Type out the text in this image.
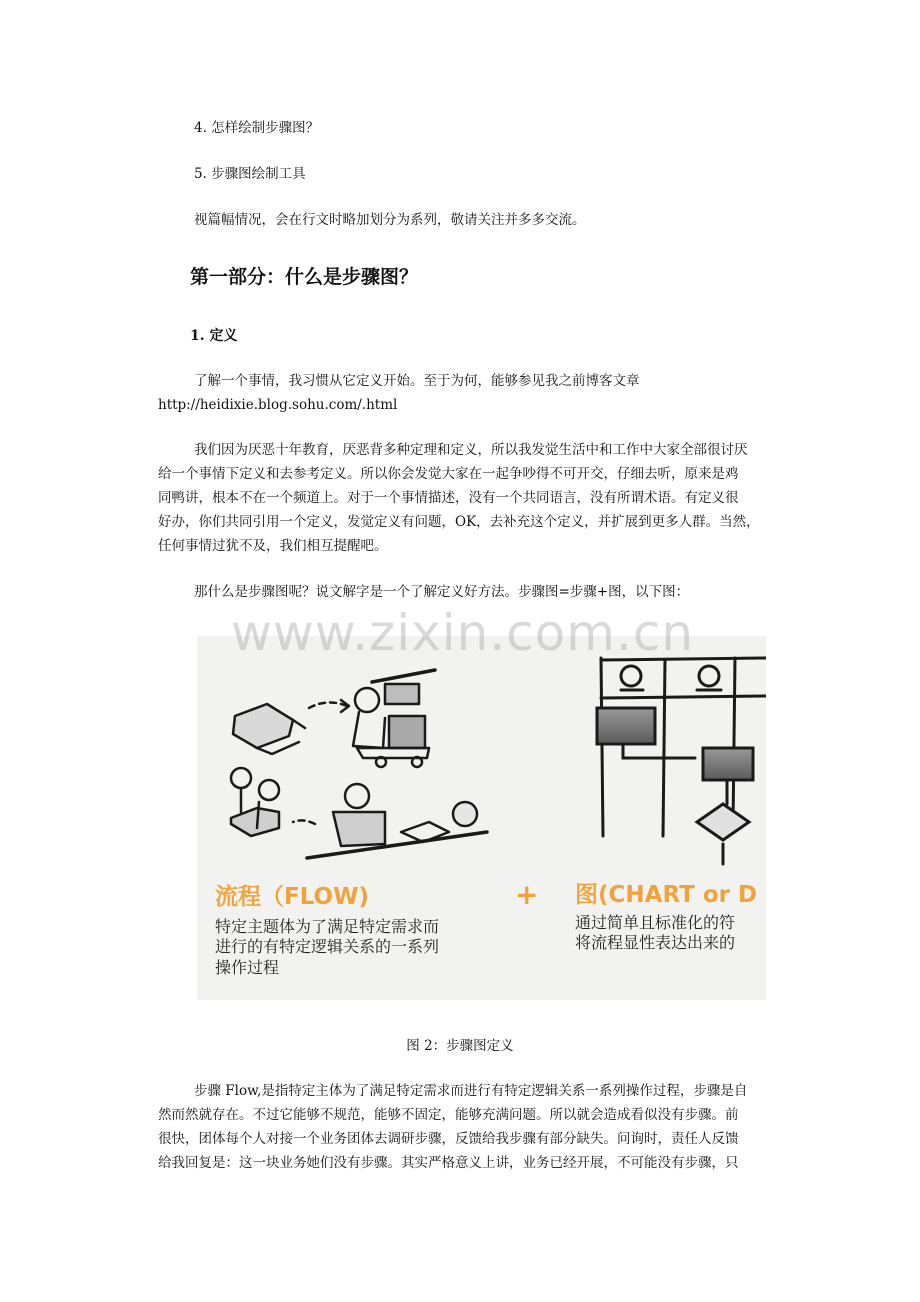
4. 怎样绘制步骤图？
5. 步骤图绘制工具
视篇幅情况，会在行文时略加划分为系列，敬请关注并多多交流。
第一部分：什么是步骤图？
1. 定义
了解一个事情，我习惯从它定义开始。至于为何，能够参见我之前博客文章
http://heidixie.blog.sohu.com/.html
我们因为厌恶十年教育，厌恶背多种定理和定义，所以我发觉生活中和工作中大家全部很讨厌
给一个事情下定义和去参考定义。所以你会发觉大家在一起争吵得不可开交，仔细去听，原来是鸡
同鸭讲，根本不在一个频道上。对于一个事情描述，没有一个共同语言，没有所谓术语。有定义很
好办，你们共同引用一个定义，发觉定义有问题，OK，去补充这个定义，并扩展到更多人群。当然，
任何事情过犹不及，我们相互提醒吧。
那什么是步骤图呢？说文解字是一个了解定义好方法。步骤图=步骤+图，以下图：
流程（FLOW)	+ 图(CHART or D
特定主题体为了满足特定需求而
进行的有特定逻辑关系的一系列
操作过程
通过简单且标准化的符
将流程显性表达出来的
www.zixin.com.cn
图 2：步骤图定义
步骤 Flow,是指特定主体为了满足特定需求而进行有特定逻辑关系一系列操作过程，步骤是自
然而然就存在。不过它能够不规范，能够不固定，能够充满问题。所以就会造成看似没有步骤。前
很快，团体每个人对接一个业务团体去调研步骤，反馈给我步骤有部分缺失。问询时，责任人反馈
给我回复是：这一块业务她们没有步骤。其实严格意义上讲，业务已经开展，不可能没有步骤，只
